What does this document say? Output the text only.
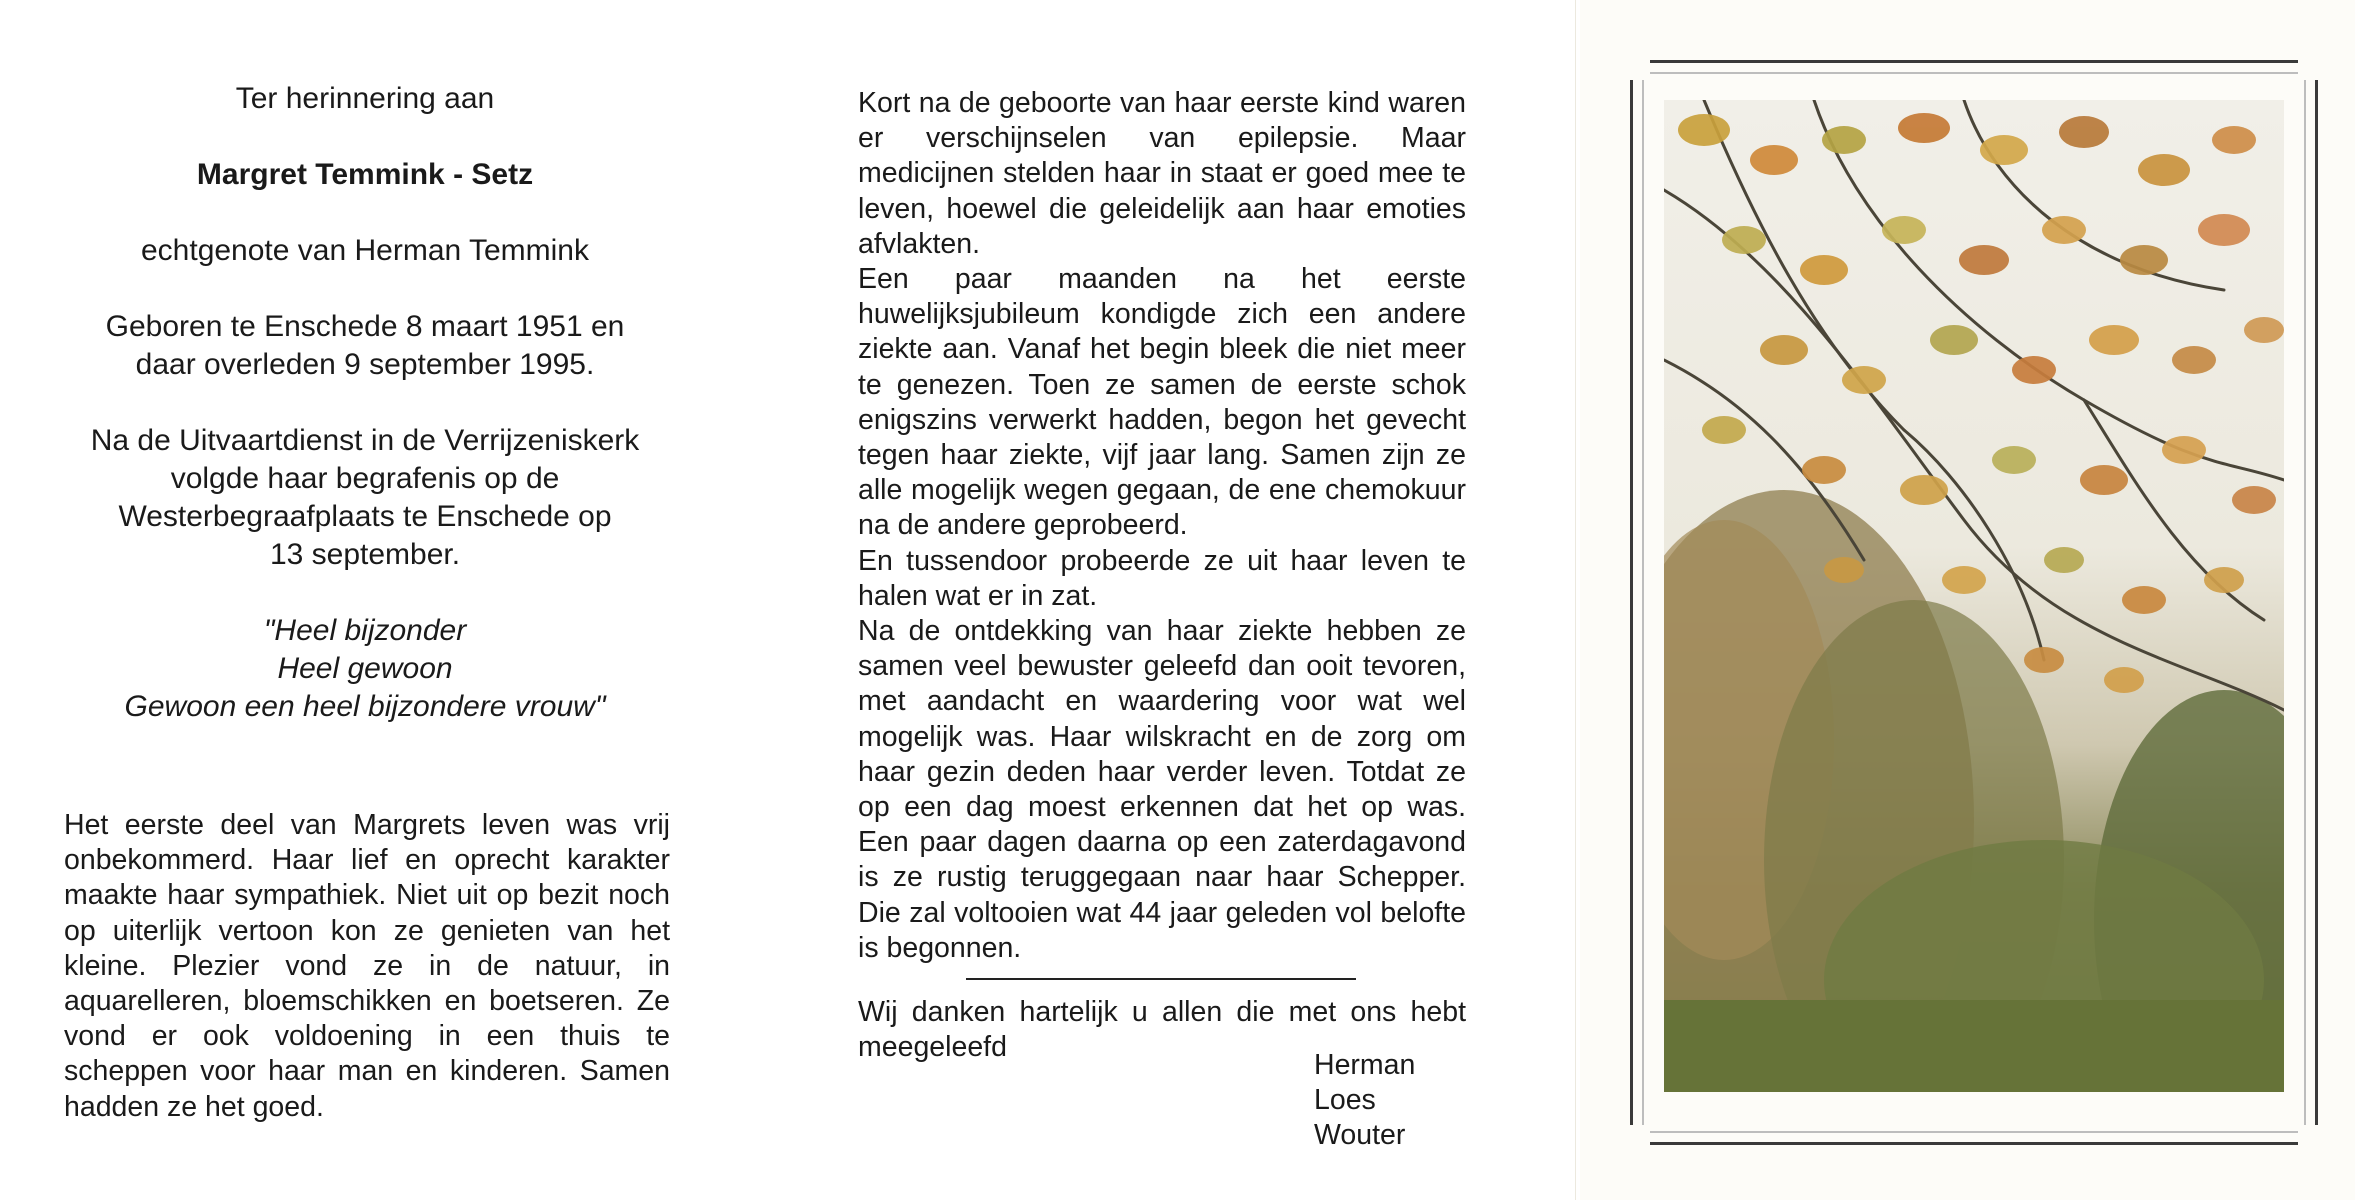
Ter herinnering aan

Margret Temmink - Setz

echtgenote van Herman Temmink

Geboren te Enschede 8 maart 1951 en
daar overleden 9 september 1995.

Na de Uitvaartdienst in de Verrijzeniskerk
volgde haar begrafenis op de
Westerbegraafplaats te Enschede op
13 september.

"Heel bijzonder
Heel gewoon
Gewoon een heel bijzondere vrouw"

Het eerste deel van Margrets leven was vrij onbekommerd. Haar lief en oprecht karakter maakte haar sympathiek. Niet uit op bezit noch op uiterlijk vertoon kon ze genieten van het kleine. Plezier vond ze in de natuur, in aquarelleren, bloemschikken en boetseren. Ze vond er ook voldoening in een thuis te scheppen voor haar man en kinderen. Samen hadden ze het goed.

Kort na de geboorte van haar eerste kind waren er verschijnselen van epilepsie. Maar medicijnen stelden haar in staat er goed mee te leven, hoewel die geleidelijk aan haar emoties afvlakten.

Een paar maanden na het eerste huwelijksjubileum kondigde zich een andere ziekte aan. Vanaf het begin bleek die niet meer te genezen. Toen ze samen de eerste schok enigszins verwerkt hadden, begon het gevecht tegen haar ziekte, vijf jaar lang. Samen zijn ze alle mogelijk wegen gegaan, de ene chemokuur na de andere geprobeerd.

En tussendoor probeerde ze uit haar leven te halen wat er in zat.

Na de ontdekking van haar ziekte hebben ze samen veel bewuster geleefd dan ooit tevoren, met aandacht en waardering voor wat wel mogelijk was. Haar wilskracht en de zorg om haar gezin deden haar verder leven. Totdat ze op een dag moest erkennen dat het op was. Een paar dagen daarna op een zaterdagavond is ze rustig teruggegaan naar haar Schepper. Die zal voltooien wat 44 jaar geleden vol belofte is begonnen.

Wij danken hartelijk u allen die met ons hebt meegeleefd
Herman
Loes
Wouter
